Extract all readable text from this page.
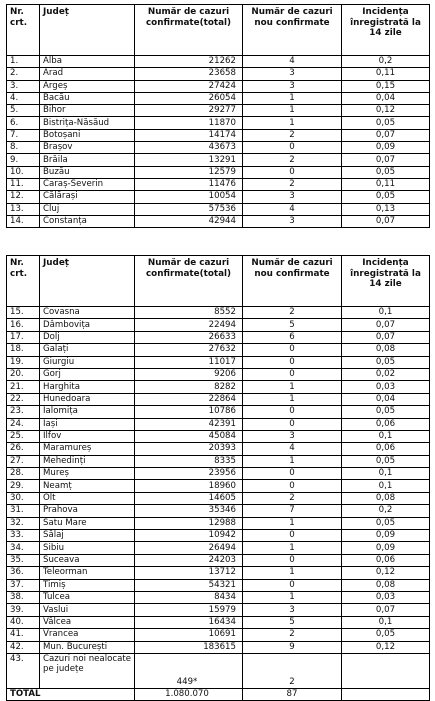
Nr. crt.	Județ	Număr de cazuri confirmate(total)	Număr de cazuri nou confirmate	Incidența înregistrată la 14 zile
1.	Alba	21262	4	0,2
2.	Arad	23658	3	0,11
3.	Argeș	27424	3	0,15
4.	Bacău	26054	1	0,04
5.	Bihor	29277	1	0,12
6.	Bistrița-Năsăud	11870	1	0,05
7.	Botoșani	14174	2	0,07
8.	Brașov	43673	0	0,09
9.	Brăila	13291	2	0,07
10.	Buzău	12579	0	0,05
11.	Caraș-Severin	11476	2	0,11
12.	Călărași	10054	3	0,05
13.	Cluj	57536	4	0,13
14.	Constanța	42944	3	0,07
Nr. crt.	Județ	Număr de cazuri confirmate(total)	Număr de cazuri nou confirmate	Incidența înregistrată la 14 zile
15.	Covasna	8552	2	0,1
16.	Dâmbovița	22494	5	0,07
17.	Dolj	26633	6	0,07
18.	Galați	27632	0	0,08
19.	Giurgiu	11017	0	0,05
20.	Gorj	9206	0	0,02
21.	Harghita	8282	1	0,03
22.	Hunedoara	22864	1	0,04
23.	Ialomița	10786	0	0,05
24.	Iași	42391	0	0,06
25.	Ilfov	45084	3	0,1
26.	Maramureș	20393	4	0,06
27.	Mehedinți	8335	1	0,05
28.	Mureș	23956	0	0,1
29.	Neamț	18960	0	0,1
30.	Olt	14605	2	0,08
31.	Prahova	35346	7	0,2
32.	Satu Mare	12988	1	0,05
33.	Sălaj	10942	0	0,09
34.	Sibiu	26494	1	0,09
35.	Suceava	24203	0	0,06
36.	Teleorman	13712	1	0,12
37.	Timiș	54321	0	0,08
38.	Tulcea	8434	1	0,03
39.	Vaslui	15979	3	0,07
40.	Vâlcea	16434	5	0,1
41.	Vrancea	10691	2	0,05
42.	Mun. București	183615	9	0,12
43.	Cazuri noi nealocate pe județe	449*	2	
TOTAL		1.080.070	87	
